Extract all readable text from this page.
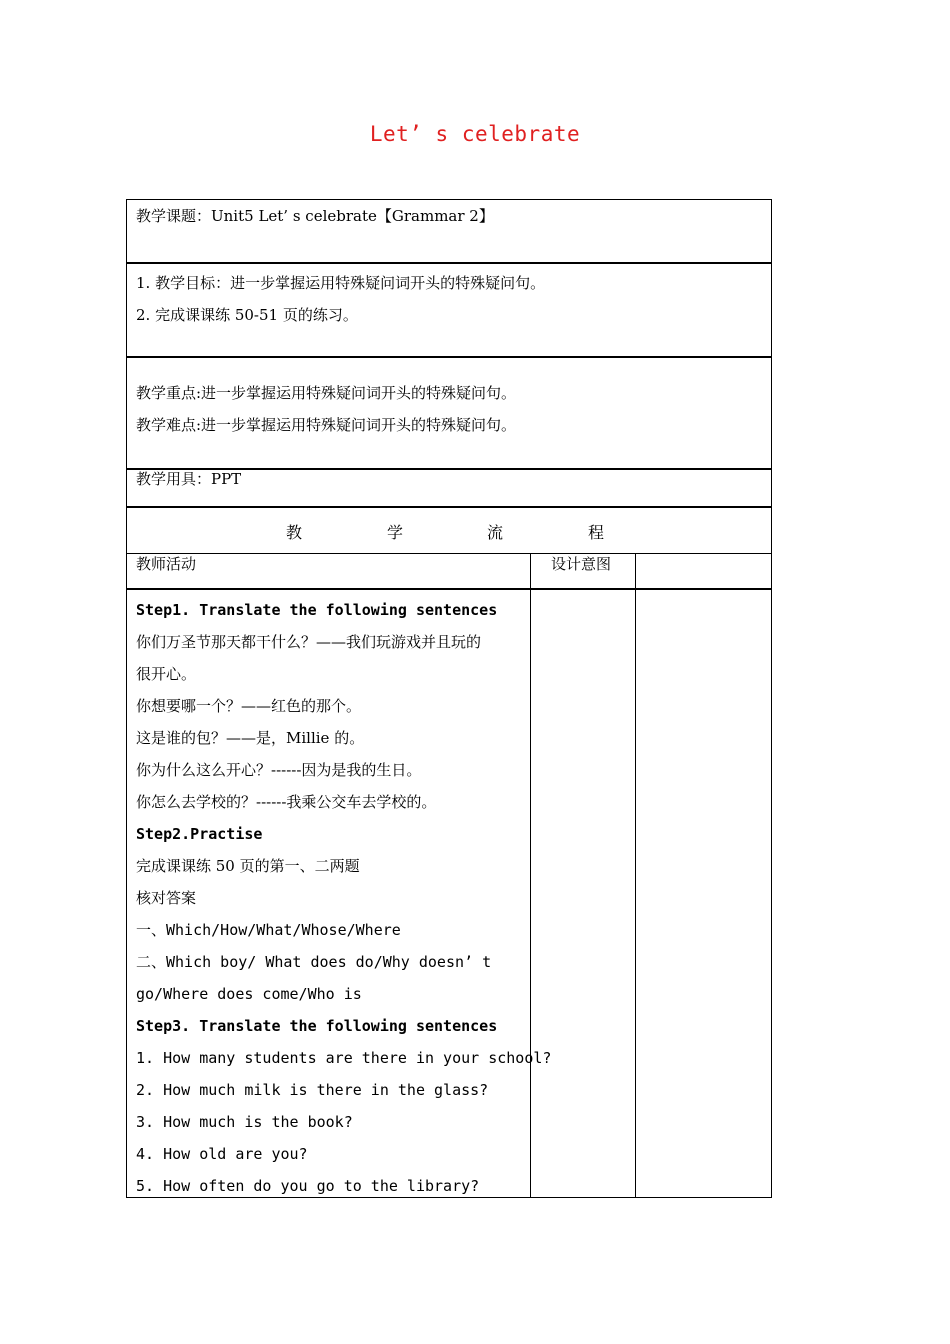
Let’ s celebrate
教学课题：Unit5 Let’ s celebrate【Grammar 2】
1. 教学目标：进一步掌握运用特殊疑问词开头的特殊疑问句。
2. 完成课课练 50-51 页的练习。
教学重点:进一步掌握运用特殊疑问词开头的特殊疑问句。
教学难点:进一步掌握运用特殊疑问词开头的特殊疑问句。
教学用具：PPT
教	学	流	程
教师活动	设计意图
Step1. Translate the following sentences
你们万圣节那天都干什么？——我们玩游戏并且玩的
很开心。
你想要哪一个？——红色的那个。
这是谁的包？——是，Millie 的。
你为什么这么开心？------因为是我的生日。
你怎么去学校的？------我乘公交车去学校的。
Step2.Practise
完成课课练 50 页的第一、二两题
核对答案
一、Which/How/What/Whose/Where
二、Which boy/ What does do/Why doesn’ t
go/Where does come/Who is
Step3. Translate the following sentences
1. How many students are there in your school?
2. How much milk is there in the glass?
3. How much is the book?
4. How old are you?
5. How often do you go to the library?
